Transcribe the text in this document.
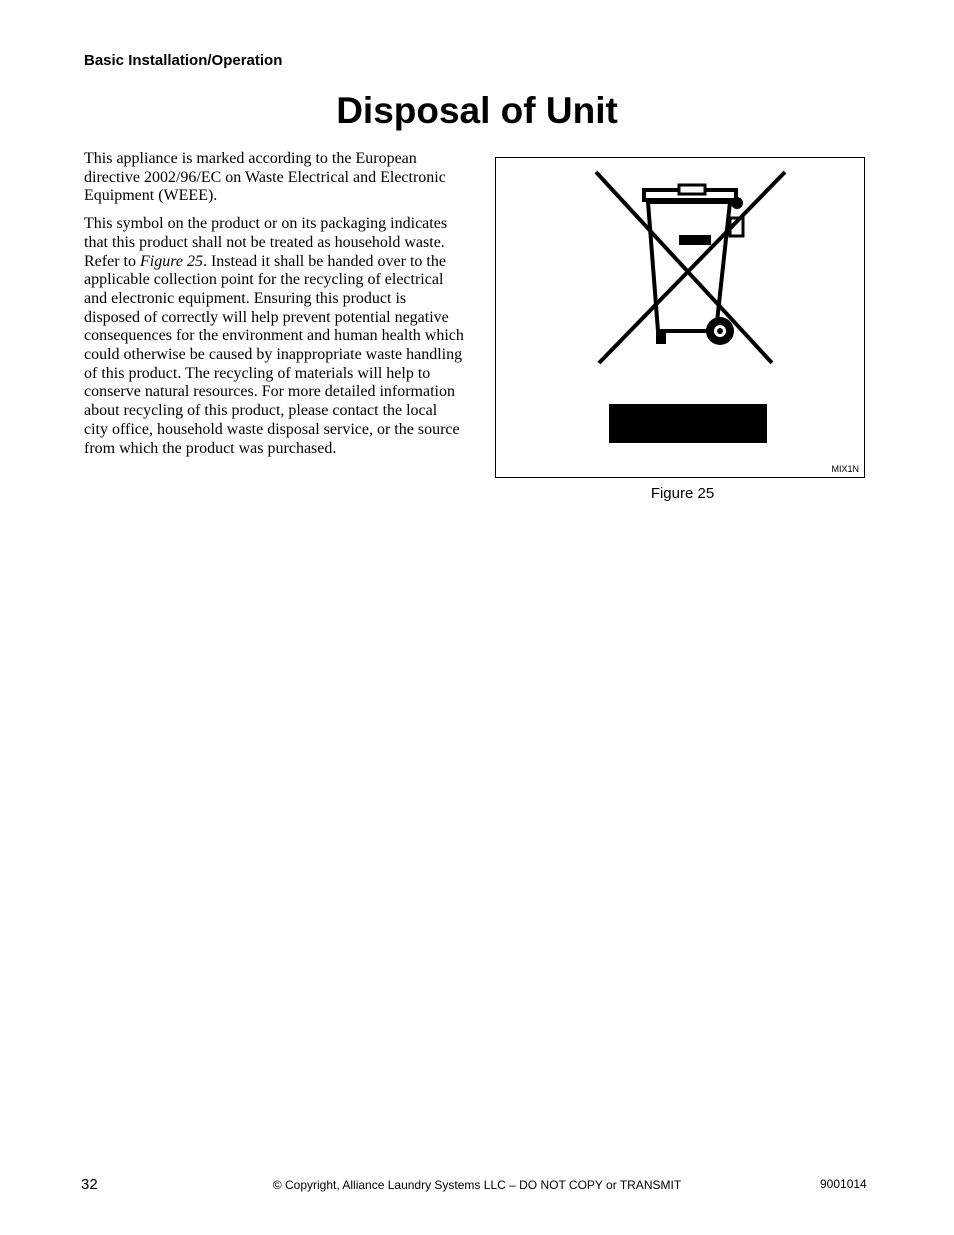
Basic Installation/Operation
Disposal of Unit

This appliance is marked according to the European directive 2002/96/EC on Waste Electrical and Electronic Equipment (WEEE).

This symbol on the product or on its packaging indicates that this product shall not be treated as household waste. Refer to Figure 25. Instead it shall be handed over to the applicable collection point for the recycling of electrical and electronic equipment. Ensuring this product is disposed of correctly will help prevent potential negative consequences for the environment and human health which could otherwise be caused by inappropriate waste handling of this product. The recycling of materials will help to conserve natural resources. For more detailed information about recycling of this product, please contact the local city office, household waste disposal service, or the source from which the product was purchased.

MIX1N
Figure 25
32	© Copyright, Alliance Laundry Systems LLC – DO NOT COPY or TRANSMIT	9001014
